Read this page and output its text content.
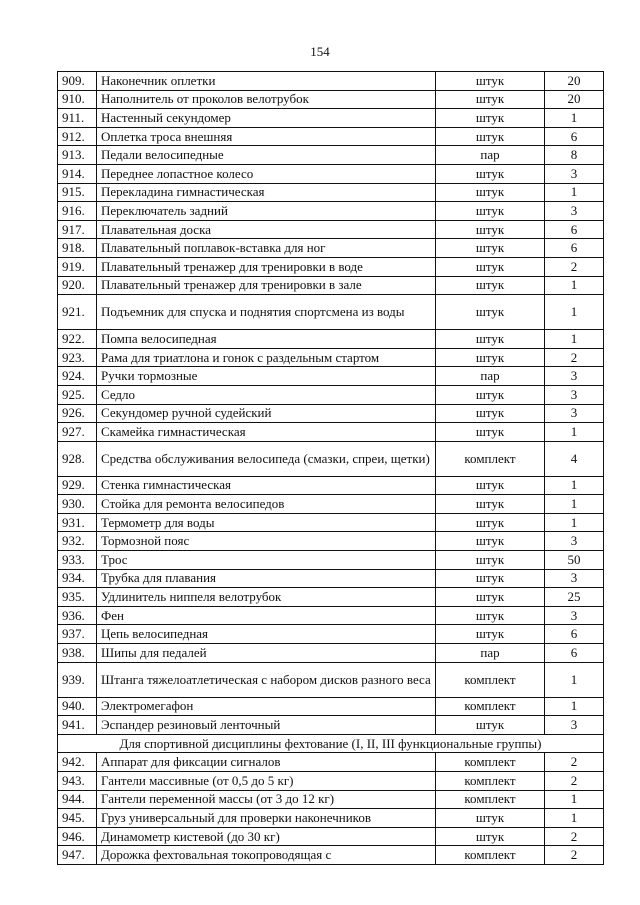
154
909.	Наконечник оплетки	штук	20
910.	Наполнитель от проколов велотрубок	штук	20
911.	Настенный секундомер	штук	1
912.	Оплетка троса внешняя	штук	6
913.	Педали велосипедные	пар	8
914.	Переднее лопастное колесо	штук	3
915.	Перекладина гимнастическая	штук	1
916.	Переключатель задний	штук	3
917.	Плавательная доска	штук	6
918.	Плавательный поплавок-вставка для ног	штук	6
919.	Плавательный тренажер для тренировки в воде	штук	2
920.	Плавательный тренажер для тренировки в зале	штук	1
921.	Подъемник для спуска и поднятия спортсмена из воды	штук	1
922.	Помпа велосипедная	штук	1
923.	Рама для триатлона и гонок с раздельным стартом	штук	2
924.	Ручки тормозные	пар	3
925.	Седло	штук	3
926.	Секундомер ручной судейский	штук	3
927.	Скамейка гимнастическая	штук	1
928.	Средства обслуживания велосипеда (смазки, спреи, щетки)	комплект	4
929.	Стенка гимнастическая	штук	1
930.	Стойка для ремонта велосипедов	штук	1
931.	Термометр для воды	штук	1
932.	Тормозной пояс	штук	3
933.	Трос	штук	50
934.	Трубка для плавания	штук	3
935.	Удлинитель ниппеля велотрубок	штук	25
936.	Фен	штук	3
937.	Цепь велосипедная	штук	6
938.	Шипы для педалей	пар	6
939.	Штанга тяжелоатлетическая с набором дисков разного веса	комплект	1
940.	Электромегафон	комплект	1
941.	Эспандер резиновый ленточный	штук	3
Для спортивной дисциплины фехтование (I, II, III функциональные группы)			
942.	Аппарат для фиксации сигналов	комплект	2
943.	Гантели массивные (от 0,5 до 5 кг)	комплект	2
944.	Гантели переменной массы (от 3 до 12 кг)	комплект	1
945.	Груз универсальный для проверки наконечников	штук	1
946.	Динамометр кистевой (до 30 кг)	штук	2
947.	Дорожка фехтовальная токопроводящая с	комплект	2
